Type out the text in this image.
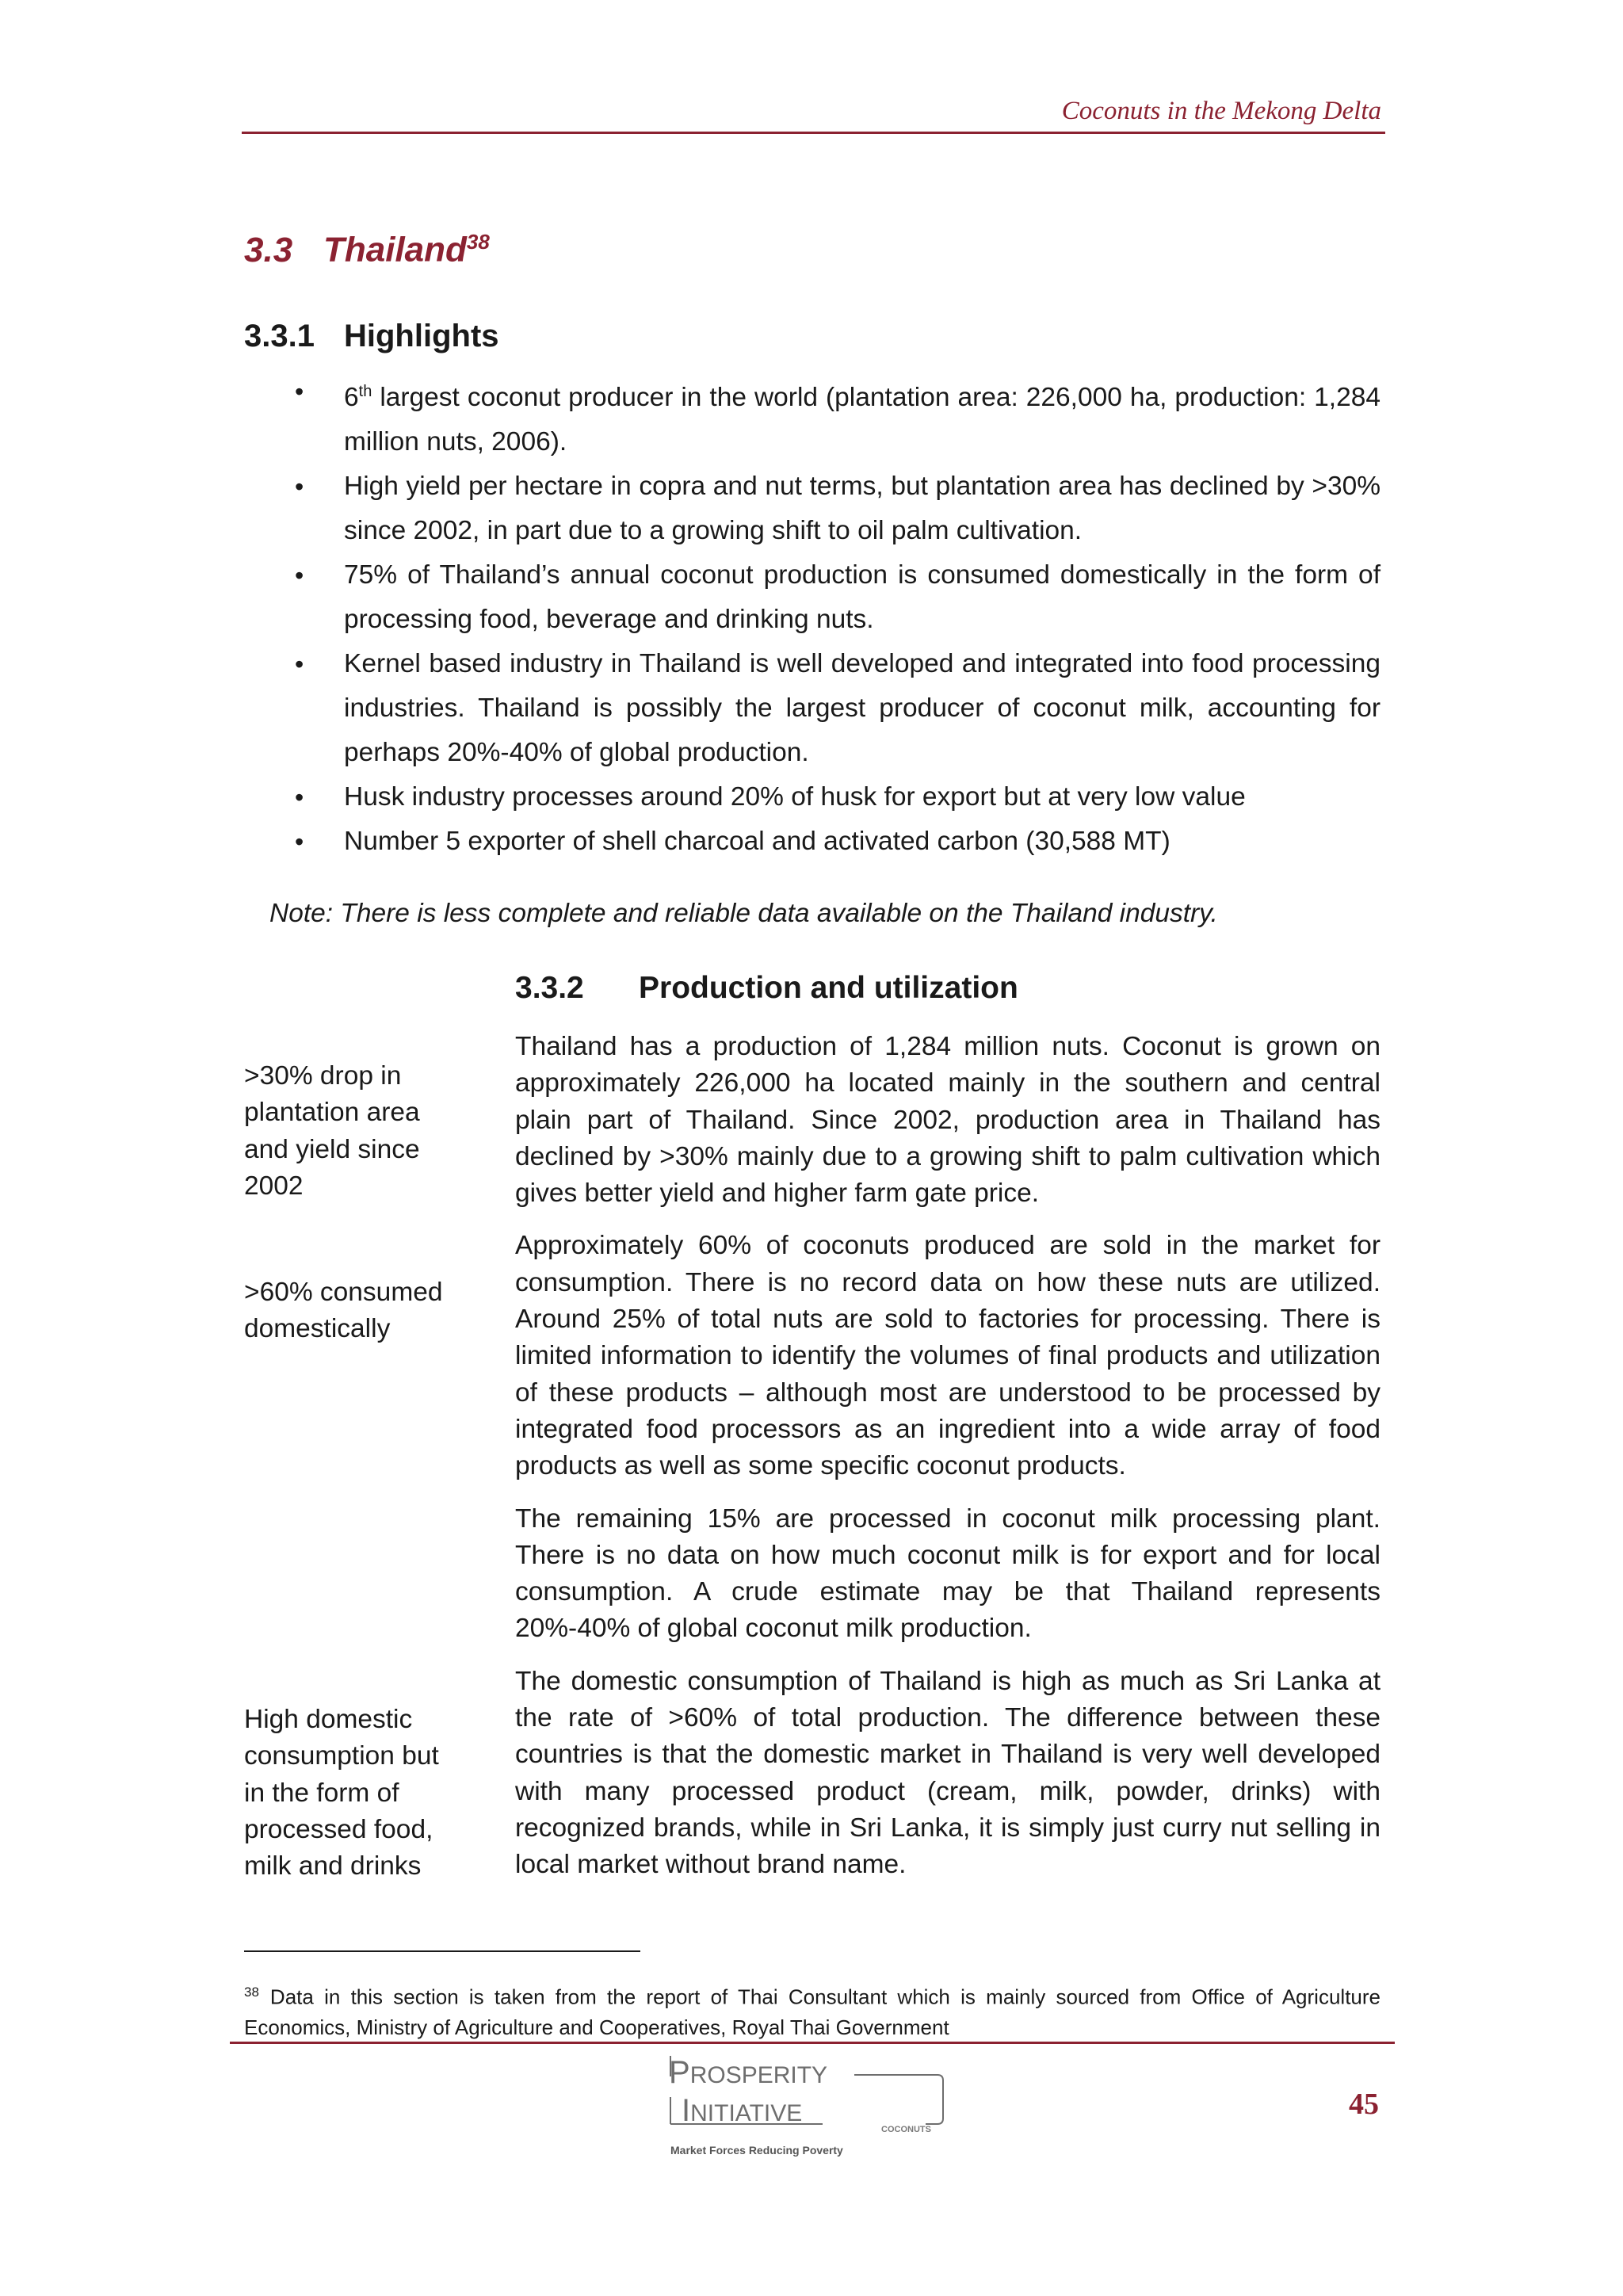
Coconuts in the Mekong Delta
3.3 Thailand$^{38}$
3.3.1 Highlights
• 6th largest coconut producer in the world (plantation area: 226,000 ha, production: 1,284 million nuts, 2006).
• High yield per hectare in copra and nut terms, but plantation area has declined by >30% since 2002, in part due to a growing shift to oil palm cultivation.
• 75% of Thailand’s annual coconut production is consumed domestically in the form of processing food, beverage and drinking nuts.
• Kernel based industry in Thailand is well developed and integrated into food processing industries. Thailand is possibly the largest producer of coconut milk, accounting for perhaps 20%-40% of global production.
• Husk industry processes around 20% of husk for export but at very low value
• Number 5 exporter of shell charcoal and activated carbon (30,588 MT)
Note: There is less complete and reliable data available on the Thailand industry.
3.3.2 Production and utilization

Thailand has a production of 1,284 million nuts. Coconut is grown on approximately 226,000 ha located mainly in the southern and central plain part of Thailand. Since 2002, production area in Thailand has declined by >30% mainly due to a growing shift to palm cultivation which gives better yield and higher farm gate price.

Approximately 60% of coconuts produced are sold in the market for consumption. There is no record data on how these nuts are utilized. Around 25% of total nuts are sold to factories for processing. There is limited information to identify the volumes of final products and utilization of these products – although most are understood to be processed by integrated food processors as an ingredient into a wide array of food products as well as some specific coconut products.

The remaining 15% are processed in coconut milk processing plant. There is no data on how much coconut milk is for export and for local consumption. A crude estimate may be that Thailand represents 20%-40% of global coconut milk production.

The domestic consumption of Thailand is high as much as Sri Lanka at the rate of >60% of total production. The difference between these countries is that the domestic market in Thailand is very well developed with many processed product (cream, milk, powder, drinks) with recognized brands, while in Sri Lanka, it is simply just curry nut selling in local market without brand name.

>30% drop in plantation area and yield since 2002
>60% consumed domestically
High domestic consumption but in the form of processed food, milk and drinks
$^{38}$ Data in this section is taken from the report of Thai Consultant which is mainly sourced from Office of Agriculture Economics, Ministry of Agriculture and Cooperatives, Royal Thai Government
PROSPERITY
INITIATIVE
COCONUTS
Market Forces Reducing Poverty
45
